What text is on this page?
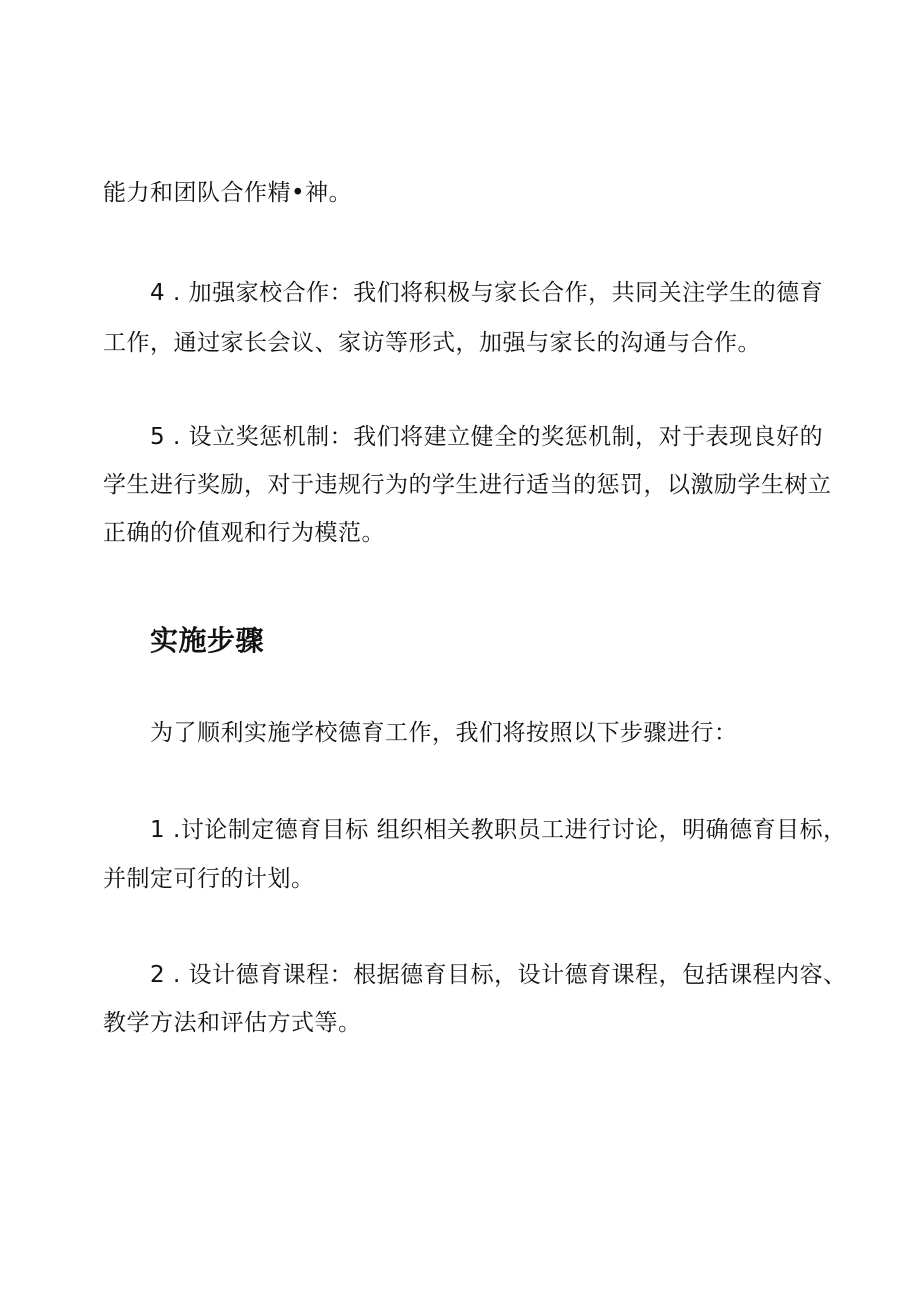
能力和团队合作精•神。
4 . 加强家校合作：我们将积极与家长合作，共同关注学生的德育
工作，通过家长会议、家访等形式，加强与家长的沟通与合作。
5 . 设立奖惩机制：我们将建立健全的奖惩机制，对于表现良好的
学生进行奖励，对于违规行为的学生进行适当的惩罚，以激励学生树立
正确的价值观和行为模范。
实施步骤
为了顺利实施学校德育工作，我们将按照以下步骤进行：
1 .讨论制定德育目标 组织相关教职员工进行讨论，明确德育目标，
并制定可行的计划。
2 . 设计德育课程：根据德育目标，设计德育课程，包括课程内容、
教学方法和评估方式等。
